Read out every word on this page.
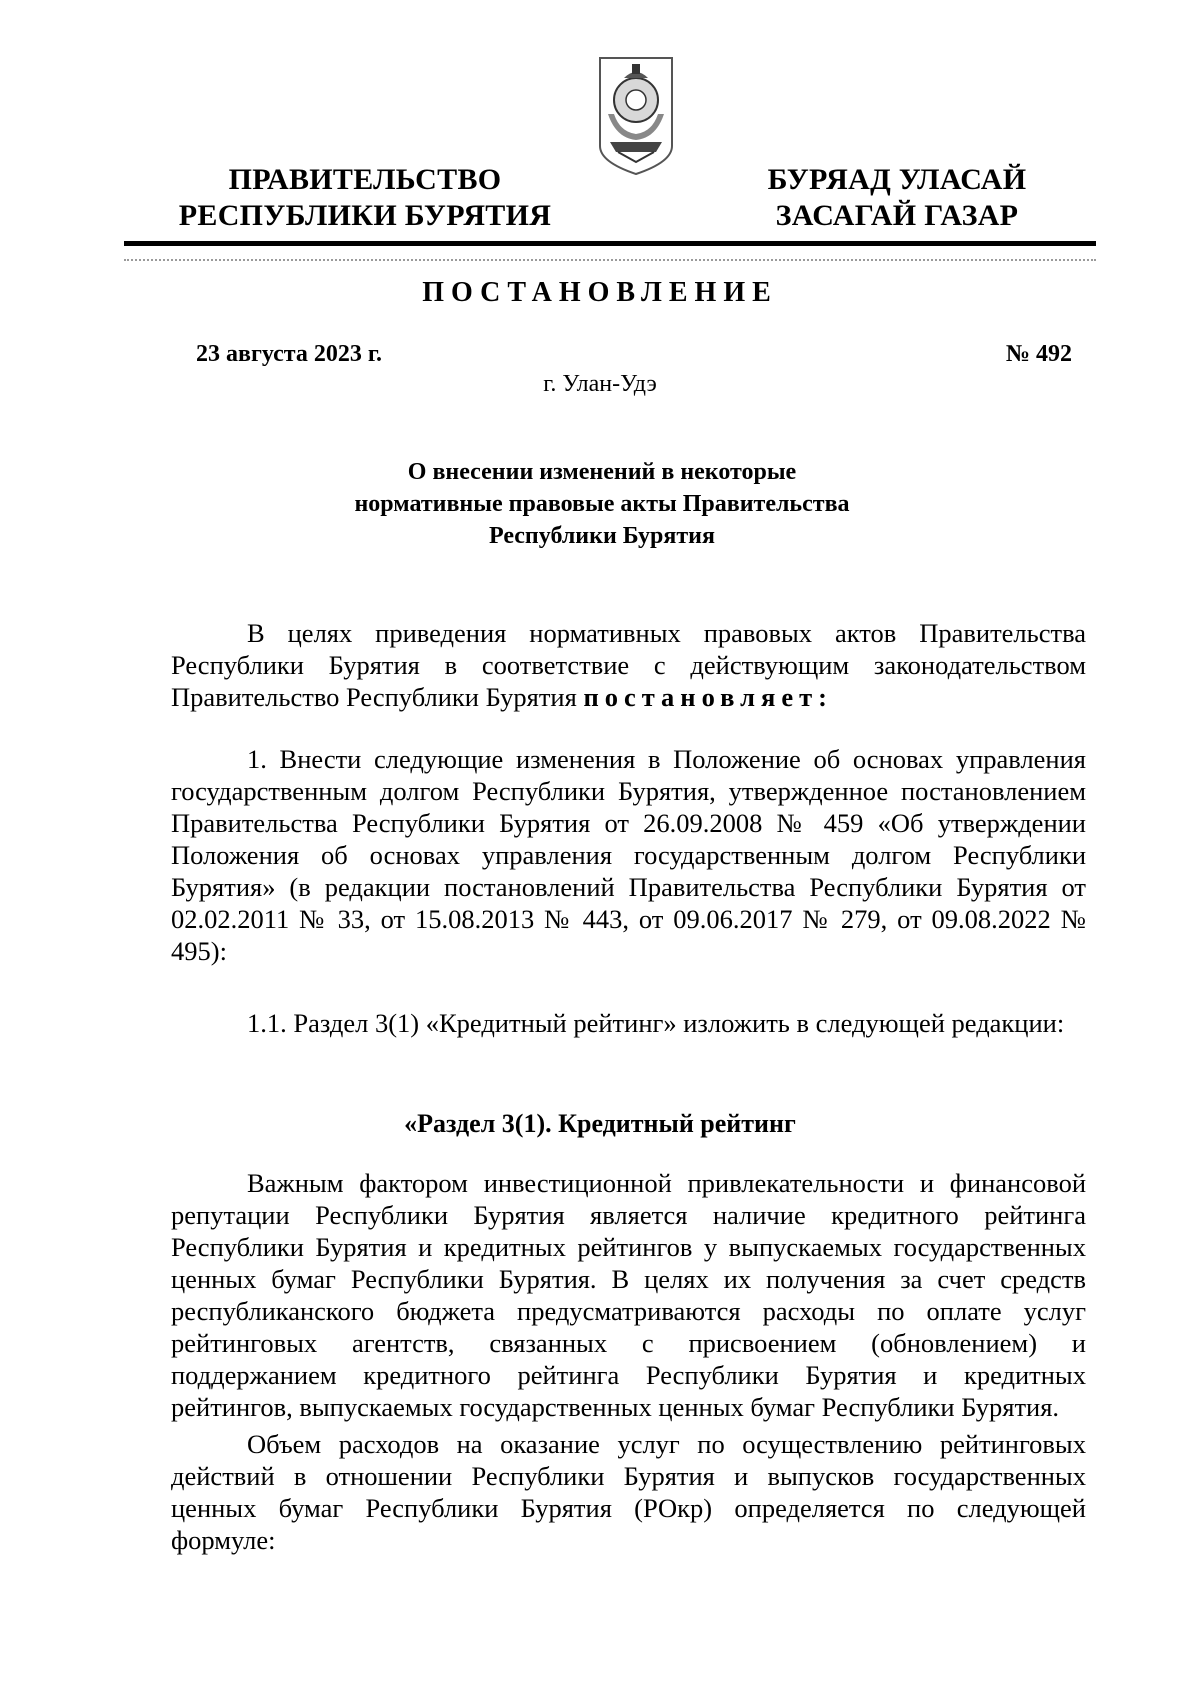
ПРАВИТЕЛЬСТВО
РЕСПУБЛИКИ БУРЯТИЯ
БУРЯАД УЛАСАЙ
ЗАСАГАЙ ГАЗАР
ПОСТАНОВЛЕНИЕ
23 августа 2023 г.	№ 492
г. Улан-Удэ
О внесении изменений в некоторые
нормативные правовые акты Правительства
Республики Бурятия
В целях приведения нормативных правовых актов Правительства Республики Бурятия в соответствие с действующим законодательством Правительство Республики Бурятия постановляет:
1. Внести следующие изменения в Положение об основах управления государственным долгом Республики Бурятия, утвержденное постановлением Правительства Республики Бурятия от 26.09.2008 № 459 «Об утверждении Положения об основах управления государственным долгом Республики Бурятия» (в редакции постановлений Правительства Республики Бурятия от 02.02.2011 № 33, от 15.08.2013 № 443, от 09.06.2017 № 279, от 09.08.2022 № 495):
1.1. Раздел 3(1) «Кредитный рейтинг» изложить в следующей редакции:
«Раздел 3(1). Кредитный рейтинг
Важным фактором инвестиционной привлекательности и финансовой репутации Республики Бурятия является наличие кредитного рейтинга Республики Бурятия и кредитных рейтингов у выпускаемых государственных ценных бумаг Республики Бурятия. В целях их получения за счет средств республиканского бюджета предусматриваются расходы по оплате услуг рейтинговых агентств, связанных с присвоением (обновлением) и поддержанием кредитного рейтинга Республики Бурятия и кредитных рейтингов, выпускаемых государственных ценных бумаг Республики Бурятия.
Объем расходов на оказание услуг по осуществлению рейтинговых действий в отношении Республики Бурятия и выпусков государственных ценных бумаг Республики Бурятия (РОкр) определяется по следующей формуле:
